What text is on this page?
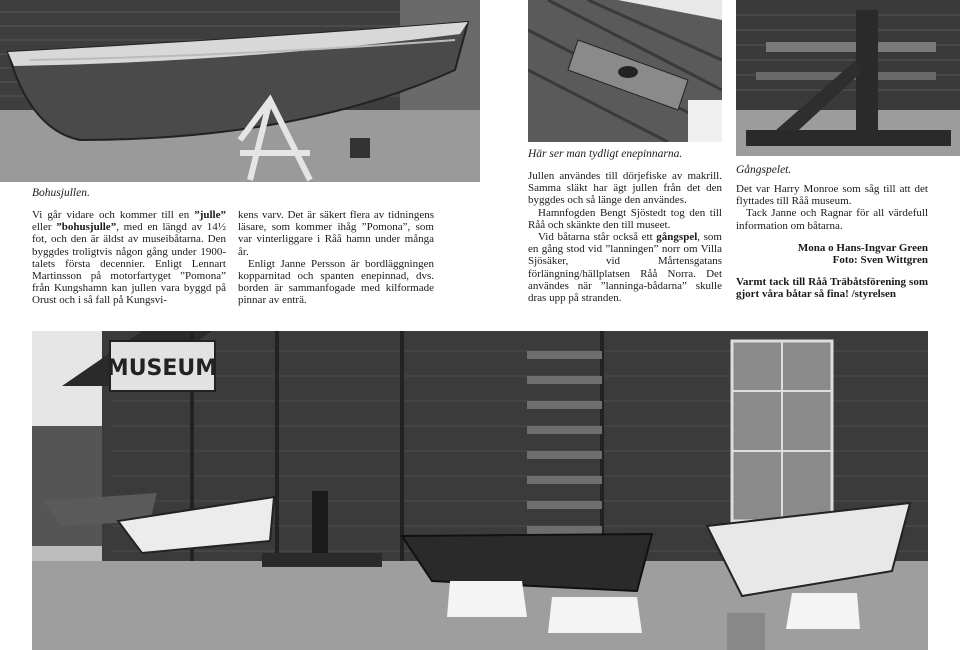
Bohusjullen.
Här ser man tydligt enepinnarna.
Gångspelet.

Vi går vidare och kommer till en ”julle” eller ”bohusjulle”, med en längd av 14½ fot, och den är äldst av museibåtarna. Den byggdes troligtvis någon gång under 1900-talets första decennier. Enligt Lennart Martinsson på motorfartyget ”Pomona” från Kungshamn kan jullen vara byggd på Orust och i så fall på Kungsvi-

kens varv. Det är säkert flera av tidningens läsare, som kommer ihåg ”Pomona”, som var vinterliggare i Råå hamn under många år.

Enligt Janne Persson är bordläggningen kopparnitad och spanten enepinnad, dvs. borden är sammanfogade med kilformade pinnar av enträ.

Jullen användes till dörjefiske av makrill. Samma släkt har ägt jullen från det den byggdes och så länge den användes.

Hamnfogden Bengt Sjöstedt tog den till Råå och skänkte den till museet.

Vid båtarna står också ett gångspel, som en gång stod vid ”lanningen” norr om Villa Sjösäker, vid Mårtensgatans förlängning/hällplatsen Råå Norra. Det användes när ”lanninga-bådarna” skulle dras upp på stranden.

Det var Harry Monroe som såg till att det flyttades till Råå museum.

Tack Janne och Ragnar för all värdefull information om båtarna.

Mona o Hans-Ingvar Green

Foto: Sven Wittgren

Varmt tack till Råå Träbåtsförening som gjort våra båtar så fina! /styrelsen

MUSEUM
